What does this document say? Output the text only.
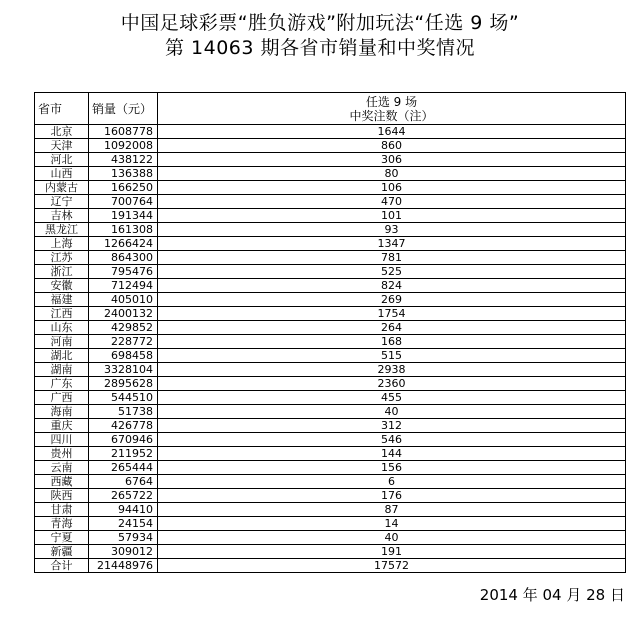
中国足球彩票“胜负游戏”附加玩法“任选 9 场”
第 14063 期各省市销量和中奖情况
省市	销量（元）	任选 9 场
中奖注数（注）

北京	1608778	1644
天津	1092008	860
河北	438122	306
山西	136388	80
内蒙古	166250	106
辽宁	700764	470
吉林	191344	101
黑龙江	161308	93
上海	1266424	1347
江苏	864300	781
浙江	795476	525
安徽	712494	824
福建	405010	269
江西	2400132	1754
山东	429852	264
河南	228772	168
湖北	698458	515
湖南	3328104	2938
广东	2895628	2360
广西	544510	455
海南	51738	40
重庆	426778	312
四川	670946	546
贵州	211952	144
云南	265444	156
西藏	6764	6
陕西	265722	176
甘肃	94410	87
青海	24154	14
宁夏	57934	40
新疆	309012	191
合计	21448976	17572
2014 年 04 月 28 日
